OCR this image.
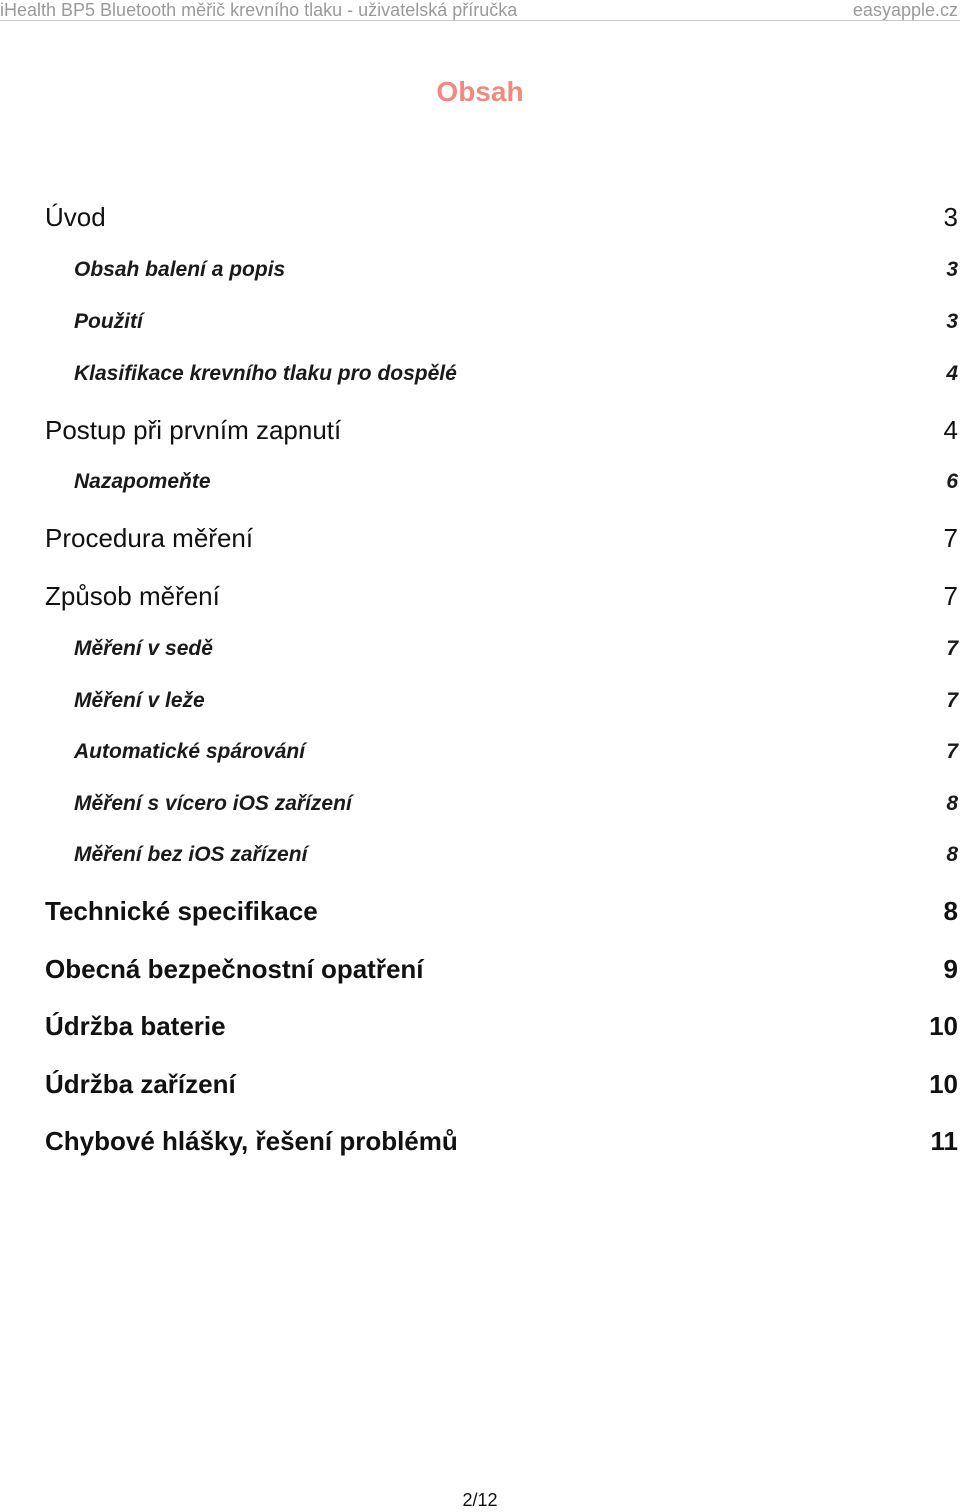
iHealth BP5 Bluetooth měřič krevního tlaku - uživatelská příručka	easyapple.cz
Obsah
Úvod	3
Obsah balení a popis	3
Použití	3
Klasifikace krevního tlaku pro dospělé	4
Postup při prvním zapnutí	4
Nazapomeňte	6
Procedura měření	7
Způsob měření	7
Měření v sedě	7
Měření v leže	7
Automatické spárování	7
Měření s vícero iOS zařízení	8
Měření bez iOS zařízení	8
Technické specifikace	8
Obecná bezpečnostní opatření	9
Údržba baterie	10
Údržba zařízení	10
Chybové hlášky, řešení problémů	11
2/12
